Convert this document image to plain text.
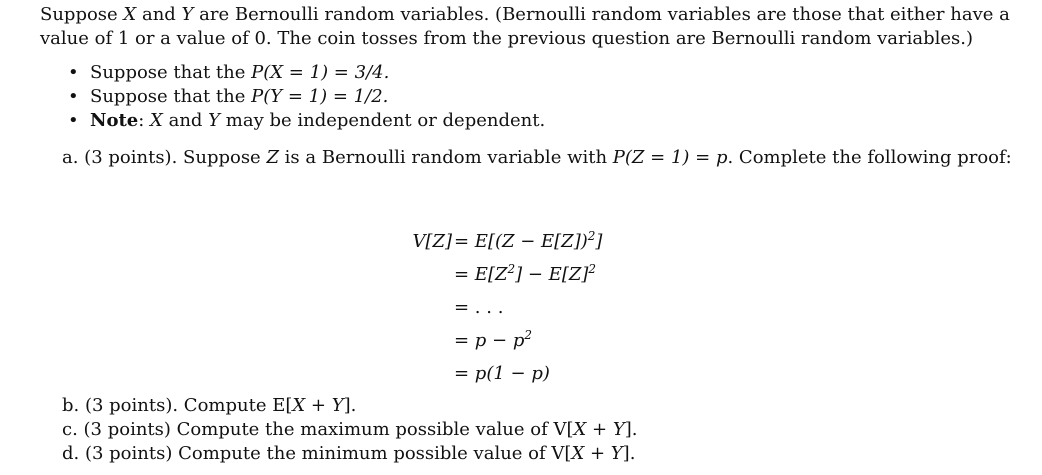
Suppose X and Y are Bernoulli random variables. (Bernoulli random variables are those that either have a value of 1 or a value of 0. The coin tosses from the previous question are Bernoulli random variables.)
• Suppose that the P(X = 1) = 3/4.
• Suppose that the P(Y = 1) = 1/2.
• Note: X and Y may be independent or dependent.
a. (3 points). Suppose Z is a Bernoulli random variable with P(Z = 1) = p. Complete the following proof:
$V[Z] = E[(Z - E[Z])^2]$
= $E[Z^2] - E[Z]^2$
= . . .
= $p - p^2$
= p(1 − p)
b. (3 points). Compute E[X + Y].
c. (3 points) Compute the maximum possible value of V[X + Y].
d. (3 points) Compute the minimum possible value of V[X + Y].
